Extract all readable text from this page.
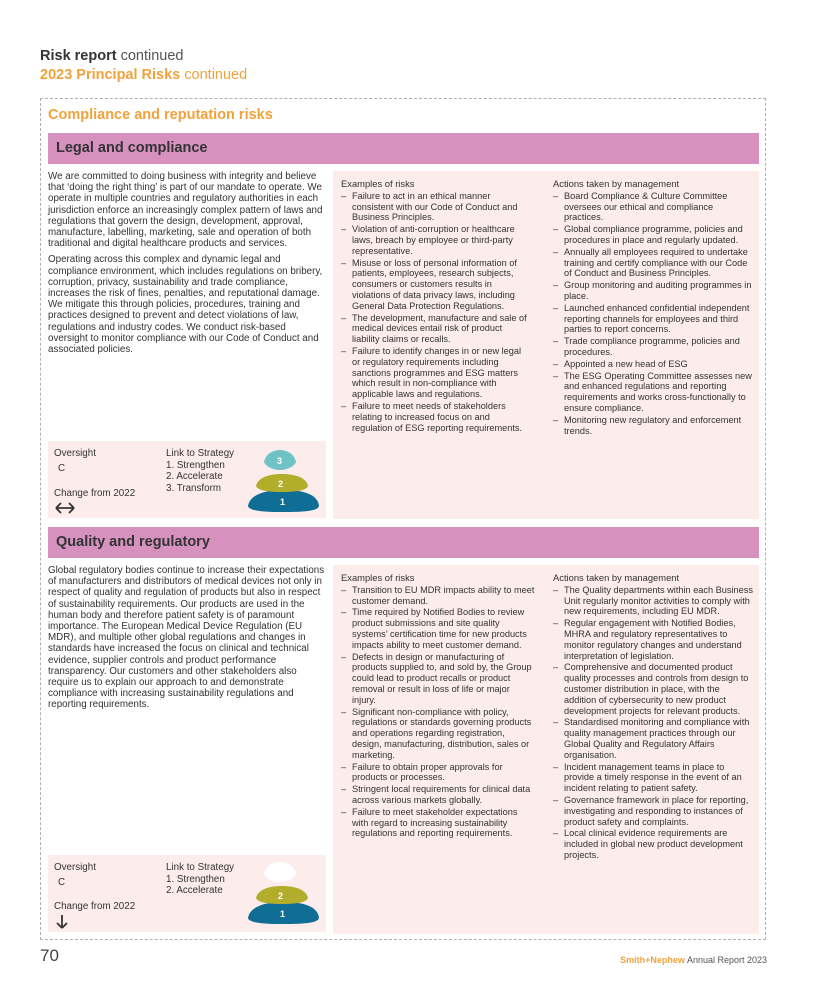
Risk report continued
2023 Principal Risks continued
Compliance and reputation risks
Legal and compliance

We are committed to doing business with integrity and believe that ‘doing the right thing’ is part of our mandate to operate. We operate in multiple countries and regulatory authorities in each jurisdiction enforce an increasingly complex pattern of laws and regulations that govern the design, development, approval, manufacture, labelling, marketing, sale and operation of both traditional and digital healthcare products and services.

Operating across this complex and dynamic legal and compliance environment, which includes regulations on bribery, corruption, privacy, sustainability and trade compliance, increases the risk of fines, penalties, and reputational damage. We mitigate this through policies, procedures, training and practices designed to prevent and detect violations of law, regulations and industry codes. We conduct risk-based oversight to monitor compliance with our Code of Conduct and associated policies.

Oversight
C
Change from 2022
Link to Strategy
1. Strengthen
2. Accelerate
3. Transform
1
2
3
Examples of risks
– Failure to act in an ethical manner consistent with our Code of Conduct and Business Principles.
– Violation of anti-corruption or healthcare laws, breach by employee or third-party representative.
– Misuse or loss of personal information of patients, employees, research subjects, consumers or customers results in violations of data privacy laws, including General Data Protection Regulations.
– The development, manufacture and sale of medical devices entail risk of product liability claims or recalls.
– Failure to identify changes in or new legal or regulatory requirements including sanctions programmes and ESG matters which result in non-compliance with applicable laws and regulations.
– Failure to meet needs of stakeholders relating to increased focus on and regulation of ESG reporting requirements.
Actions taken by management
– Board Compliance & Culture Committee oversees our ethical and compliance practices.
– Global compliance programme, policies and procedures in place and regularly updated.
– Annually all employees required to undertake training and certify compliance with our Code of Conduct and Business Principles.
– Group monitoring and auditing programmes in place.
– Launched enhanced confidential independent reporting channels for employees and third parties to report concerns.
– Trade compliance programme, policies and procedures.
– Appointed a new head of ESG
– The ESG Operating Committee assesses new and enhanced regulations and reporting requirements and works cross-functionally to ensure compliance.
– Monitoring new regulatory and enforcement trends.
Quality and regulatory

Global regulatory bodies continue to increase their expectations of manufacturers and distributors of medical devices not only in respect of quality and regulation of products but also in respect of sustainability requirements. Our products are used in the human body and therefore patient safety is of paramount importance. The European Medical Device Regulation (EU MDR), and multiple other global regulations and changes in standards have increased the focus on clinical and technical evidence, supplier controls and product performance transparency. Our customers and other stakeholders also require us to explain our approach to and demonstrate compliance with increasing sustainability regulations and reporting requirements.

Oversight
C
Change from 2022
Link to Strategy
1. Strengthen
2. Accelerate
1
2
Examples of risks
– Transition to EU MDR impacts ability to meet customer demand.
– Time required by Notified Bodies to review product submissions and site quality systems’ certification time for new products impacts ability to meet customer demand.
– Defects in design or manufacturing of products supplied to, and sold by, the Group could lead to product recalls or product removal or result in loss of life or major injury.
– Significant non-compliance with policy, regulations or standards governing products and operations regarding registration, design, manufacturing, distribution, sales or marketing.
– Failure to obtain proper approvals for products or processes.
– Stringent local requirements for clinical data across various markets globally.
– Failure to meet stakeholder expectations with regard to increasing sustainability regulations and reporting requirements.
Actions taken by management
– The Quality departments within each Business Unit regularly monitor activities to comply with new requirements, including EU MDR.
– Regular engagement with Notified Bodies, MHRA and regulatory representatives to monitor regulatory changes and understand interpretation of legislation.
– Comprehensive and documented product quality processes and controls from design to customer distribution in place, with the addition of cybersecurity to new product development projects for relevant products.
– Standardised monitoring and compliance with quality management practices through our Global Quality and Regulatory Affairs organisation.
– Incident management teams in place to provide a timely response in the event of an incident relating to patient safety.
– Governance framework in place for reporting, investigating and responding to instances of product safety and complaints.
– Local clinical evidence requirements are included in global new product development projects.
70	Smith+Nephew Annual Report 2023
